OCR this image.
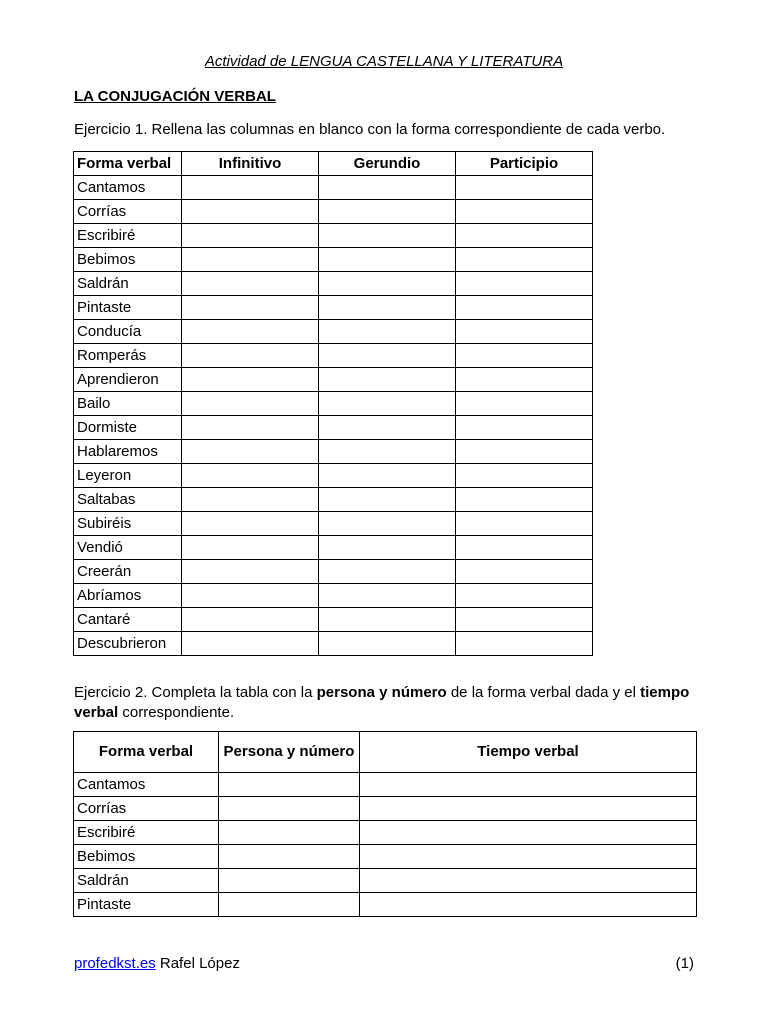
Actividad de LENGUA CASTELLANA Y LITERATURA
LA CONJUGACIÓN VERBAL
Ejercicio 1. Rellena las columnas en blanco con la forma correspondiente de cada verbo.
Forma verbal	Infinitivo	Gerundio	Participio
Cantamos			
Corrías			
Escribiré			
Bebimos			
Saldrán			
Pintaste			
Conducía			
Romperás			
Aprendieron			
Bailo			
Dormiste			
Hablaremos			
Leyeron			
Saltabas			
Subiréis			
Vendió			
Creerán			
Abríamos			
Cantaré			
Descubrieron			
Ejercicio 2. Completa la tabla con la persona y número de la forma verbal dada y el tiempo verbal correspondiente.
Forma verbal	Persona y número	Tiempo verbal
Cantamos		
Corrías		
Escribiré		
Bebimos		
Saldrán		
Pintaste		
profedkst.es Rafel López	(1)
